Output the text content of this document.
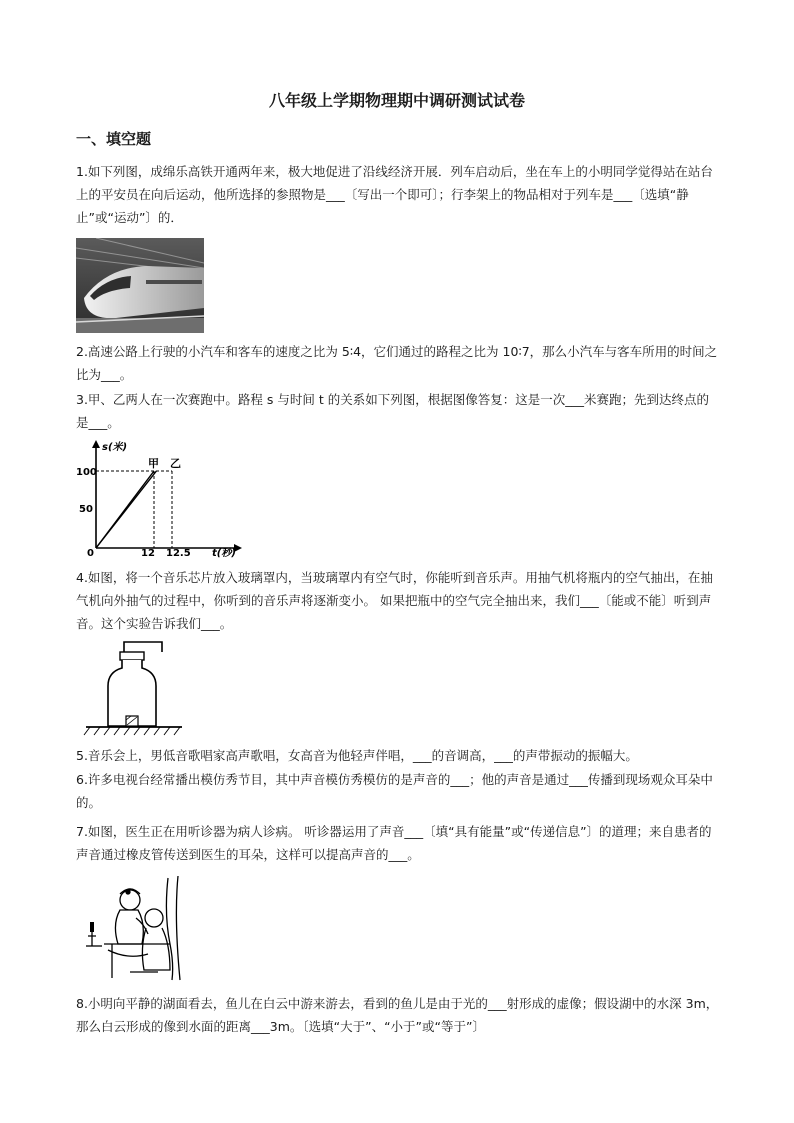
八年级上学期物理期中调研测试试卷
一、填空题
1.如下列图，成绵乐高铁开通两年来，极大地促进了沿线经济开展．列车启动后，坐在车上的小明同学觉得站在站台上的平安员在向后运动，他所选择的参照物是___〔写出一个即可〕；行李架上的物品相对于列车是___〔选填“静止”或“运动”〕的．
2.高速公路上行驶的小汽车和客车的速度之比为 5∶4，它们通过的路程之比为 10∶7，那么小汽车与客车所用的时间之比为___。
3.甲、乙两人在一次赛跑中。路程 s 与时间 t 的关系如下列图，根据图像答复：这是一次___米赛跑；先到达终点的是___。
s(米)
t(秒)
100
50
0	12 12.5
甲 乙
4.如图，将一个音乐芯片放入玻璃罩内，当玻璃罩内有空气时，你能听到音乐声。用抽气机将瓶内的空气抽出，在抽气机向外抽气的过程中，你听到的音乐声将逐渐变小。 如果把瓶中的空气完全抽出来，我们___〔能或不能〕听到声音。这个实验告诉我们___。
5.音乐会上，男低音歌唱家高声歌唱，女高音为他轻声伴唱，___的音调高，___的声带振动的振幅大。
6.许多电视台经常播出模仿秀节目，其中声音模仿秀模仿的是声音的___；他的声音是通过___传播到现场观众耳朵中的。
7.如图，医生正在用听诊器为病人诊病。 听诊器运用了声音___〔填“具有能量”或“传递信息”〕的道理；来自患者的声音通过橡皮管传送到医生的耳朵，这样可以提高声音的___。
8.小明向平静的湖面看去，鱼儿在白云中游来游去，看到的鱼儿是由于光的___射形成的虚像；假设湖中的水深 3m，那么白云形成的像到水面的距离___3m。〔选填“大于”、“小于”或“等于”〕
